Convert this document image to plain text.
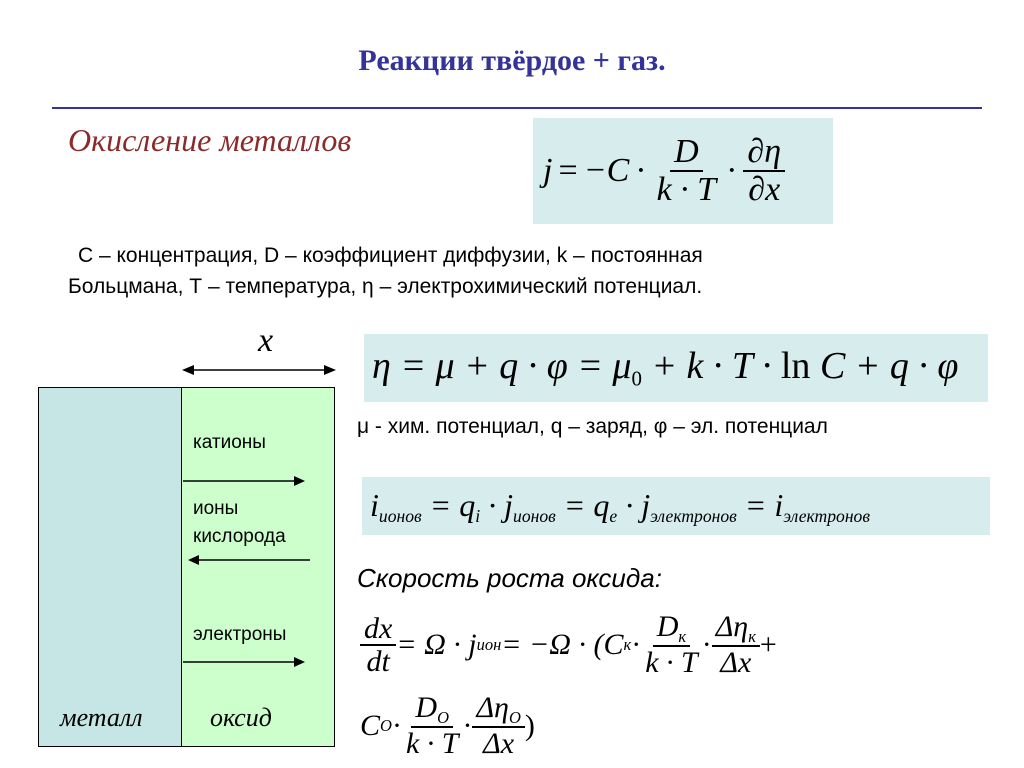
Реакции твёрдое + газ.
Окисление металлов
$j = -C \cdot \frac{D}{k \cdot T} \cdot \frac{\partial\eta}{\partial x}$
C – концентрация, D – коэффициент диффузии, k – постоянная
Больцмана, Т – температура, η – электрохимический потенциал.
$\eta = \mu + q \cdot \varphi = \mu_0 + k \cdot T \cdot \ln C + q \cdot \varphi$
μ - хим. потенциал, q – заряд, φ – эл. потенциал
$i_{ионов} = q_i \cdot j_{ионов} = q_e \cdot j_{электронов} = i_{электронов}$
Скорость роста оксида:
$\frac{dx}{dt} = \Omega \cdot j$ ион = −Ω · (C $к \cdot \frac{D_к}{k \cdot T} \cdot \frac{\Delta\eta_к}{\Delta x}$ +
C $O \cdot \frac{D_O}{k \cdot T} \cdot \frac{\Delta\eta_O}{\Delta x}$ )
x
катионы
ионы
кислорода
электроны
металл	оксид
